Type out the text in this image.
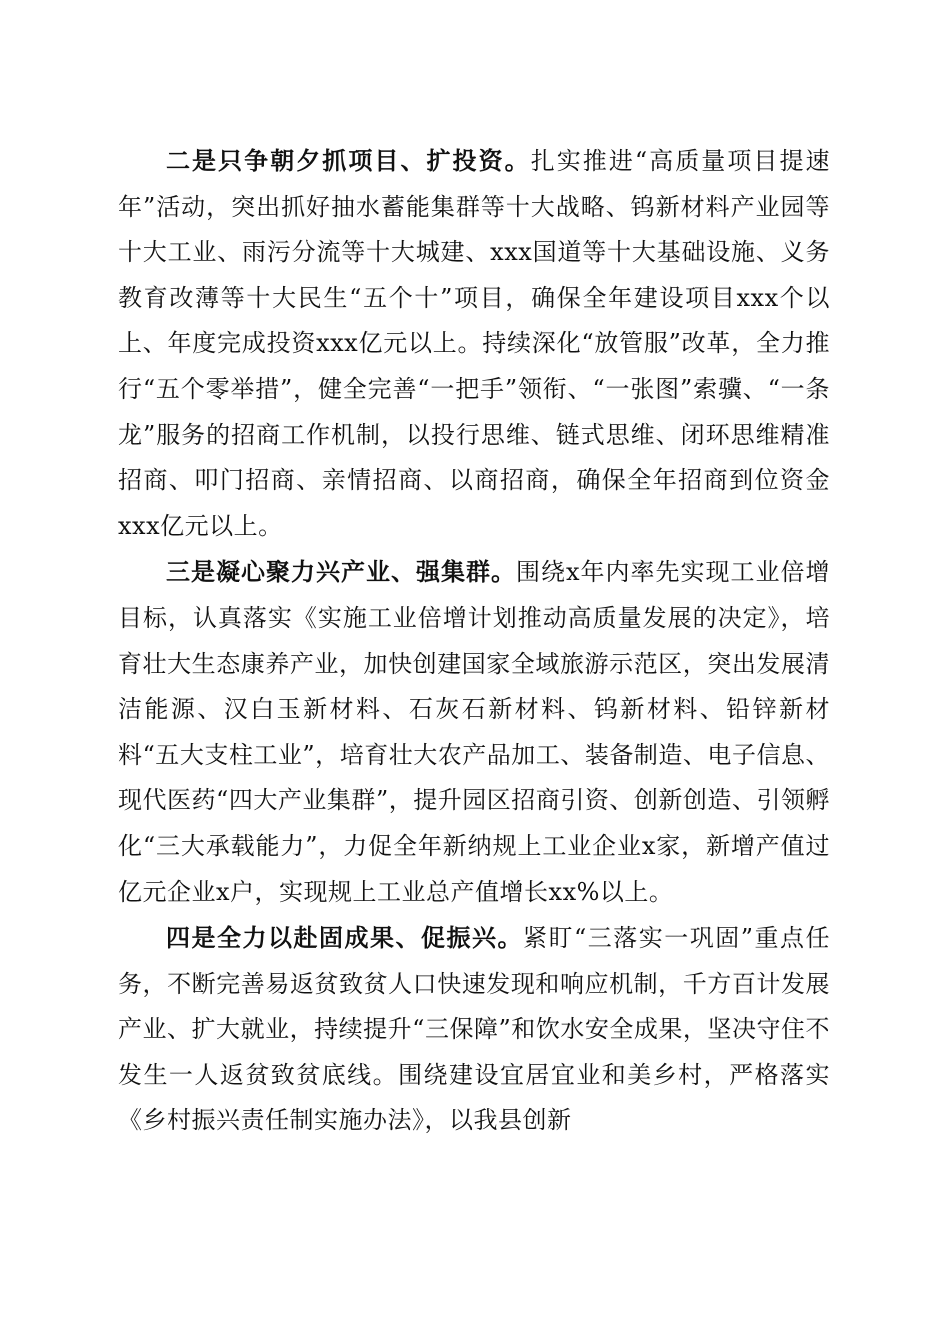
二是只争朝夕抓项目、扩投资。扎实推进“高质量项目提速年”活动，突出抓好抽水蓄能集群等十大战略、钨新材料产业园等十大工业、雨污分流等十大城建、xxx国道等十大基础设施、义务教育改薄等十大民生“五个十”项目，确保全年建设项目xxx个以上、年度完成投资xxx亿元以上。持续深化“放管服”改革，全力推行“五个零举措”，健全完善“一把手”领衔、“一张图”索骥、“一条龙”服务的招商工作机制，以投行思维、链式思维、闭环思维精准招商、叩门招商、亲情招商、以商招商，确保全年招商到位资金xxx亿元以上。

三是凝心聚力兴产业、强集群。围绕x年内率先实现工业倍增目标，认真落实《实施工业倍增计划推动高质量发展的决定》，培育壮大生态康养产业，加快创建国家全域旅游示范区，突出发展清洁能源、汉白玉新材料、石灰石新材料、钨新材料、铅锌新材料“五大支柱工业”，培育壮大农产品加工、装备制造、电子信息、现代医药“四大产业集群”，提升园区招商引资、创新创造、引领孵化“三大承载能力”，力促全年新纳规上工业企业x家，新增产值过亿元企业x户，实现规上工业总产值增长xx%以上。

四是全力以赴固成果、促振兴。紧盯“三落实一巩固”重点任务，不断完善易返贫致贫人口快速发现和响应机制，千方百计发展产业、扩大就业，持续提升“三保障”和饮水安全成果，坚决守住不发生一人返贫致贫底线。围绕建设宜居宜业和美乡村，严格落实《乡村振兴责任制实施办法》，以我县创新
